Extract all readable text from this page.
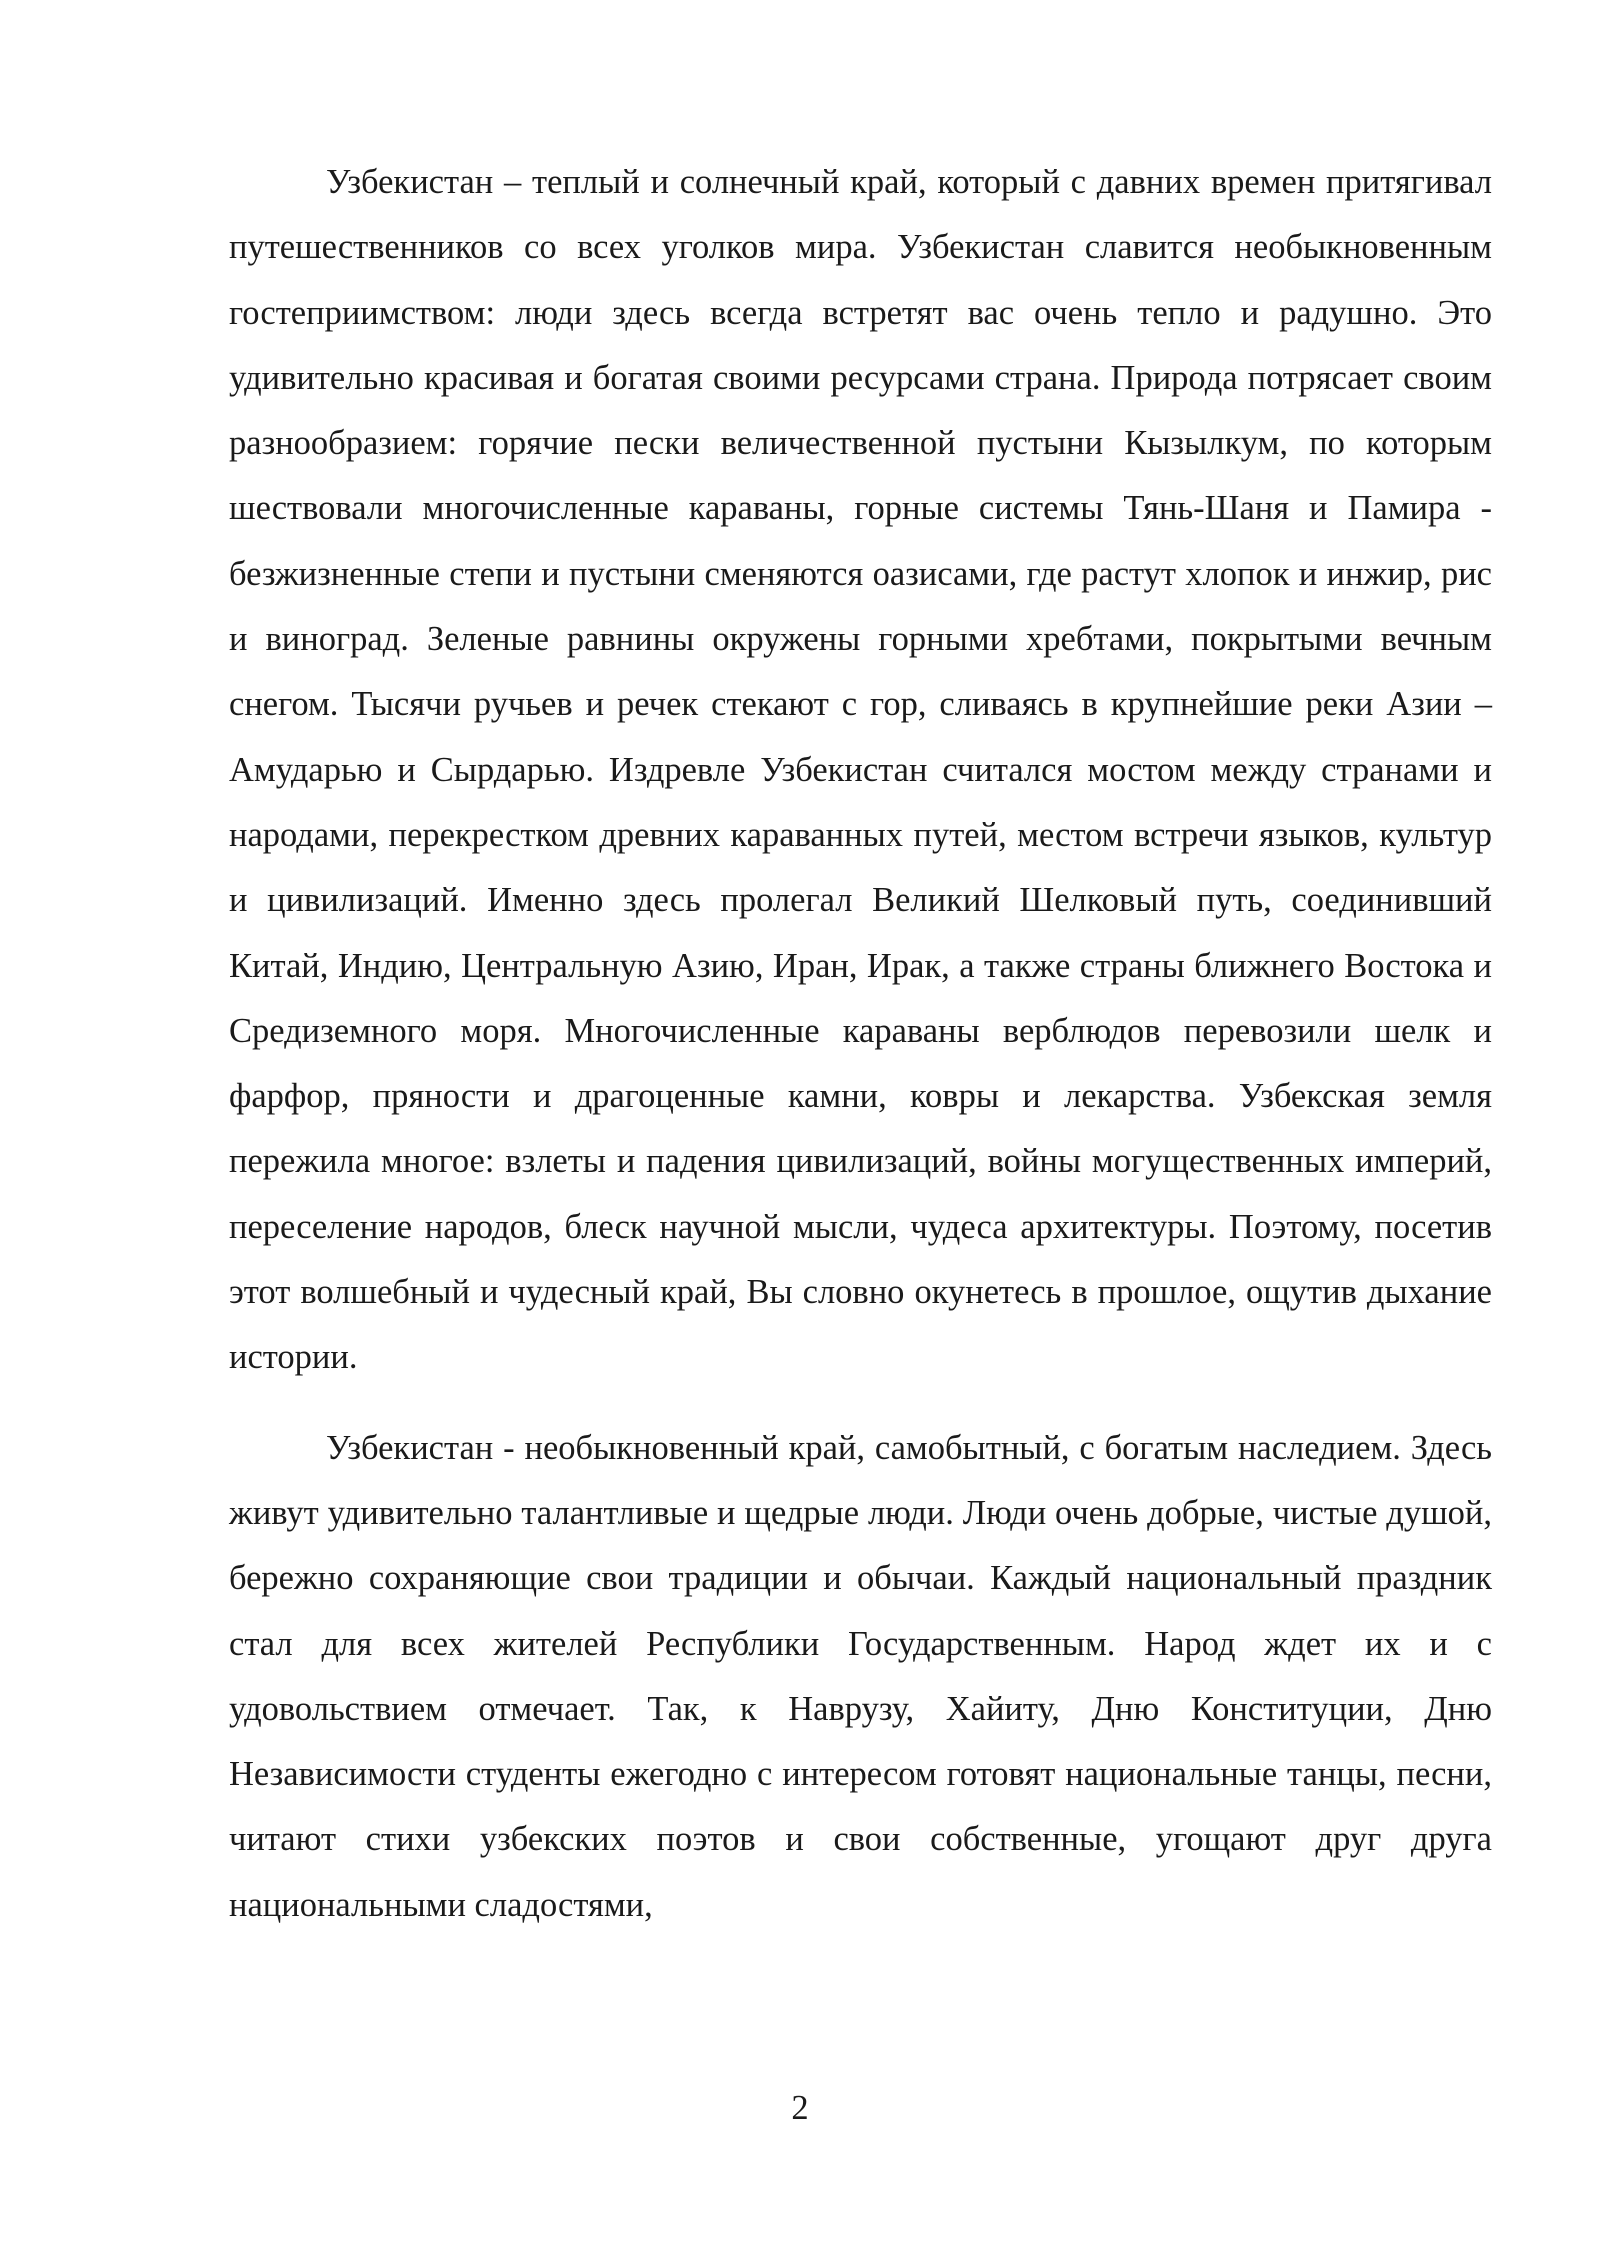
Узбекистан – теплый и солнечный край, который с давних времен притягивал путешественников со всех уголков мира. Узбекистан славится необыкновенным гостеприимством: люди здесь всегда встретят вас очень тепло и радушно. Это удивительно красивая и богатая своими ресурсами страна. Природа потрясает своим разнообразием: горячие пески величественной пустыни Кызылкум, по которым шествовали многочисленные караваны, горные системы Тянь-Шаня и Памира - безжизненные степи и пустыни сменяются оазисами, где растут хлопок и инжир, рис и виноград. Зеленые равнины окружены горными хребтами, покрытыми вечным снегом. Тысячи ручьев и речек стекают с гор, сливаясь в крупнейшие реки Азии – Амударью и Сырдарью. Издревле Узбекистан считался мостом между странами и народами, перекрестком древних караванных путей, местом встречи языков, культур и цивилизаций. Именно здесь пролегал Великий Шелковый путь, соединивший Китай, Индию, Центральную Азию, Иран, Ирак, а также страны ближнего Востока и Средиземного моря. Многочисленные караваны верблюдов перевозили шелк и фарфор, пряности и драгоценные камни, ковры и лекарства. Узбекская земля пережила многое: взлеты и падения цивилизаций, войны могущественных империй, переселение народов, блеск научной мысли, чудеса архитектуры. Поэтому, посетив этот волшебный и чудесный край, Вы словно окунетесь в прошлое, ощутив дыхание истории.

Узбекистан - необыкновенный край, самобытный, с богатым наследием. Здесь живут удивительно талантливые и щедрые люди. Люди очень добрые, чистые душой, бережно сохраняющие свои традиции и обычаи. Каждый национальный праздник стал для всех жителей Республики Государственным. Народ ждет их и с удовольствием отмечает. Так, к Наврузу, Хайиту, Дню Конституции, Дню Независимости студенты ежегодно с интересом готовят национальные танцы, песни, читают стихи узбекских поэтов и свои собственные, угощают друг друга национальными сладостями,

2
